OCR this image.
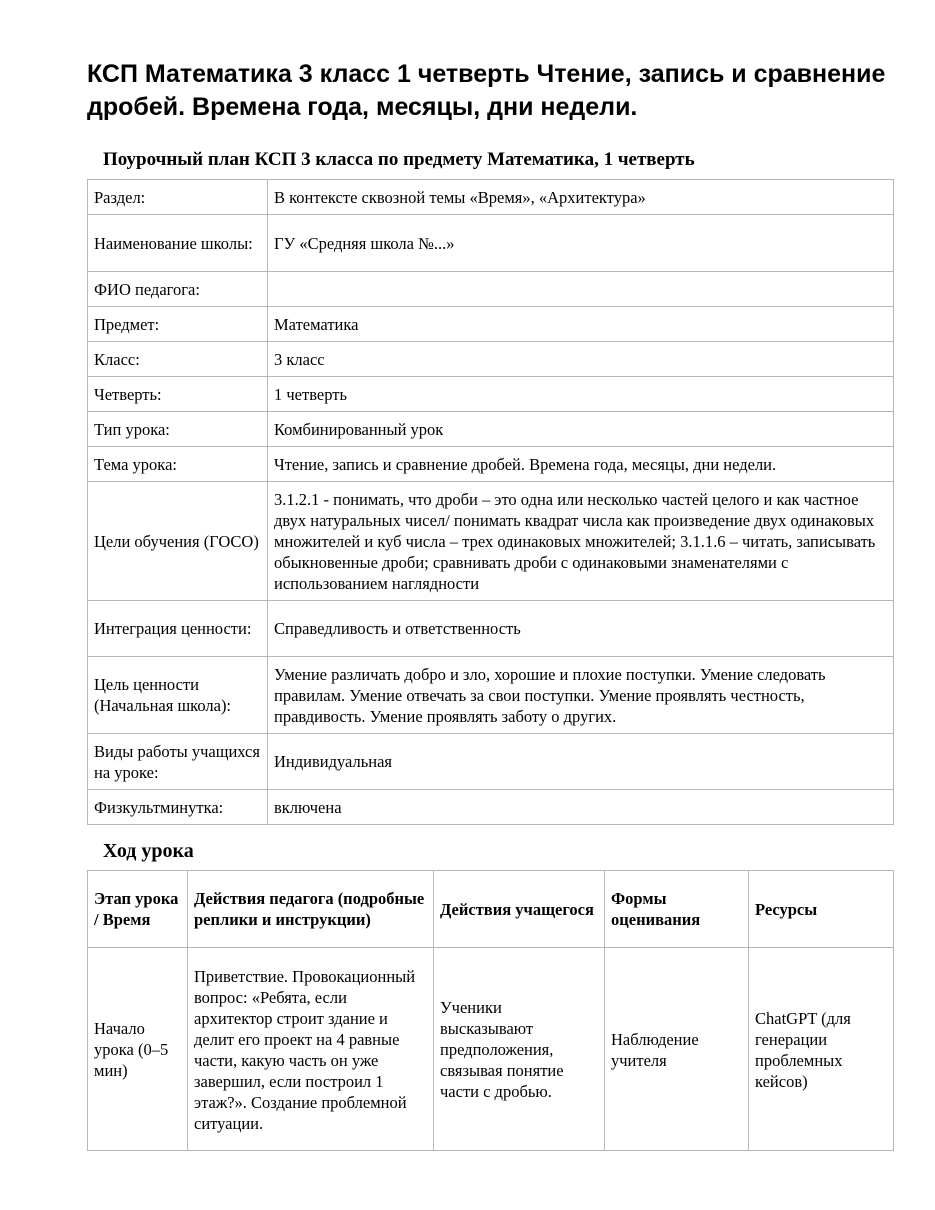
КСП Математика 3 класс 1 четверть Чтение, запись и сравнение дробей. Времена года, месяцы, дни недели.
Поурочный план КСП 3 класса по предмету Математика, 1 четверть
Раздел:	В контексте сквозной темы «Время», «Архитектура»
Наименование школы:	ГУ «Средняя школа №...»
ФИО педагога:	
Предмет:	Математика
Класс:	3 класс
Четверть:	1 четверть
Тип урока:	Комбинированный урок
Тема урока:	Чтение, запись и сравнение дробей. Времена года, месяцы, дни недели.
Цели обучения (ГОСО)	3.1.2.1 - понимать, что дроби – это одна или несколько частей целого и как частное двух натуральных чисел/ понимать квадрат числа как произведение двух одинаковых множителей и куб числа – трех одинаковых множителей; 3.1.1.6 – читать, записывать обыкновенные дроби; сравнивать дроби с одинаковыми знаменателями с использованием наглядности
Интеграция ценности:	Справедливость и ответственность
Цель ценности (Начальная школа):	Умение различать добро и зло, хорошие и плохие поступки. Умение следовать правилам. Умение отвечать за свои поступки. Умение проявлять честность, правдивость. Умение проявлять заботу о других.
Виды работы учащихся на уроке:	Индивидуальная
Физкультминутка:	включена
Ход урока
Этап урока / Время	Действия педагога (подробные реплики и инструкции)	Действия учащегося	Формы оценивания	Ресурсы
Начало урока (0–5 мин)	Приветствие. Провокационный вопрос: «Ребята, если архитектор строит здание и делит его проект на 4 равные части, какую часть он уже завершил, если построил 1 этаж?». Создание проблемной ситуации.	Ученики высказывают предположения, связывая понятие части с дробью.	Наблюдение учителя	ChatGPT (для генерации проблемных кейсов)
